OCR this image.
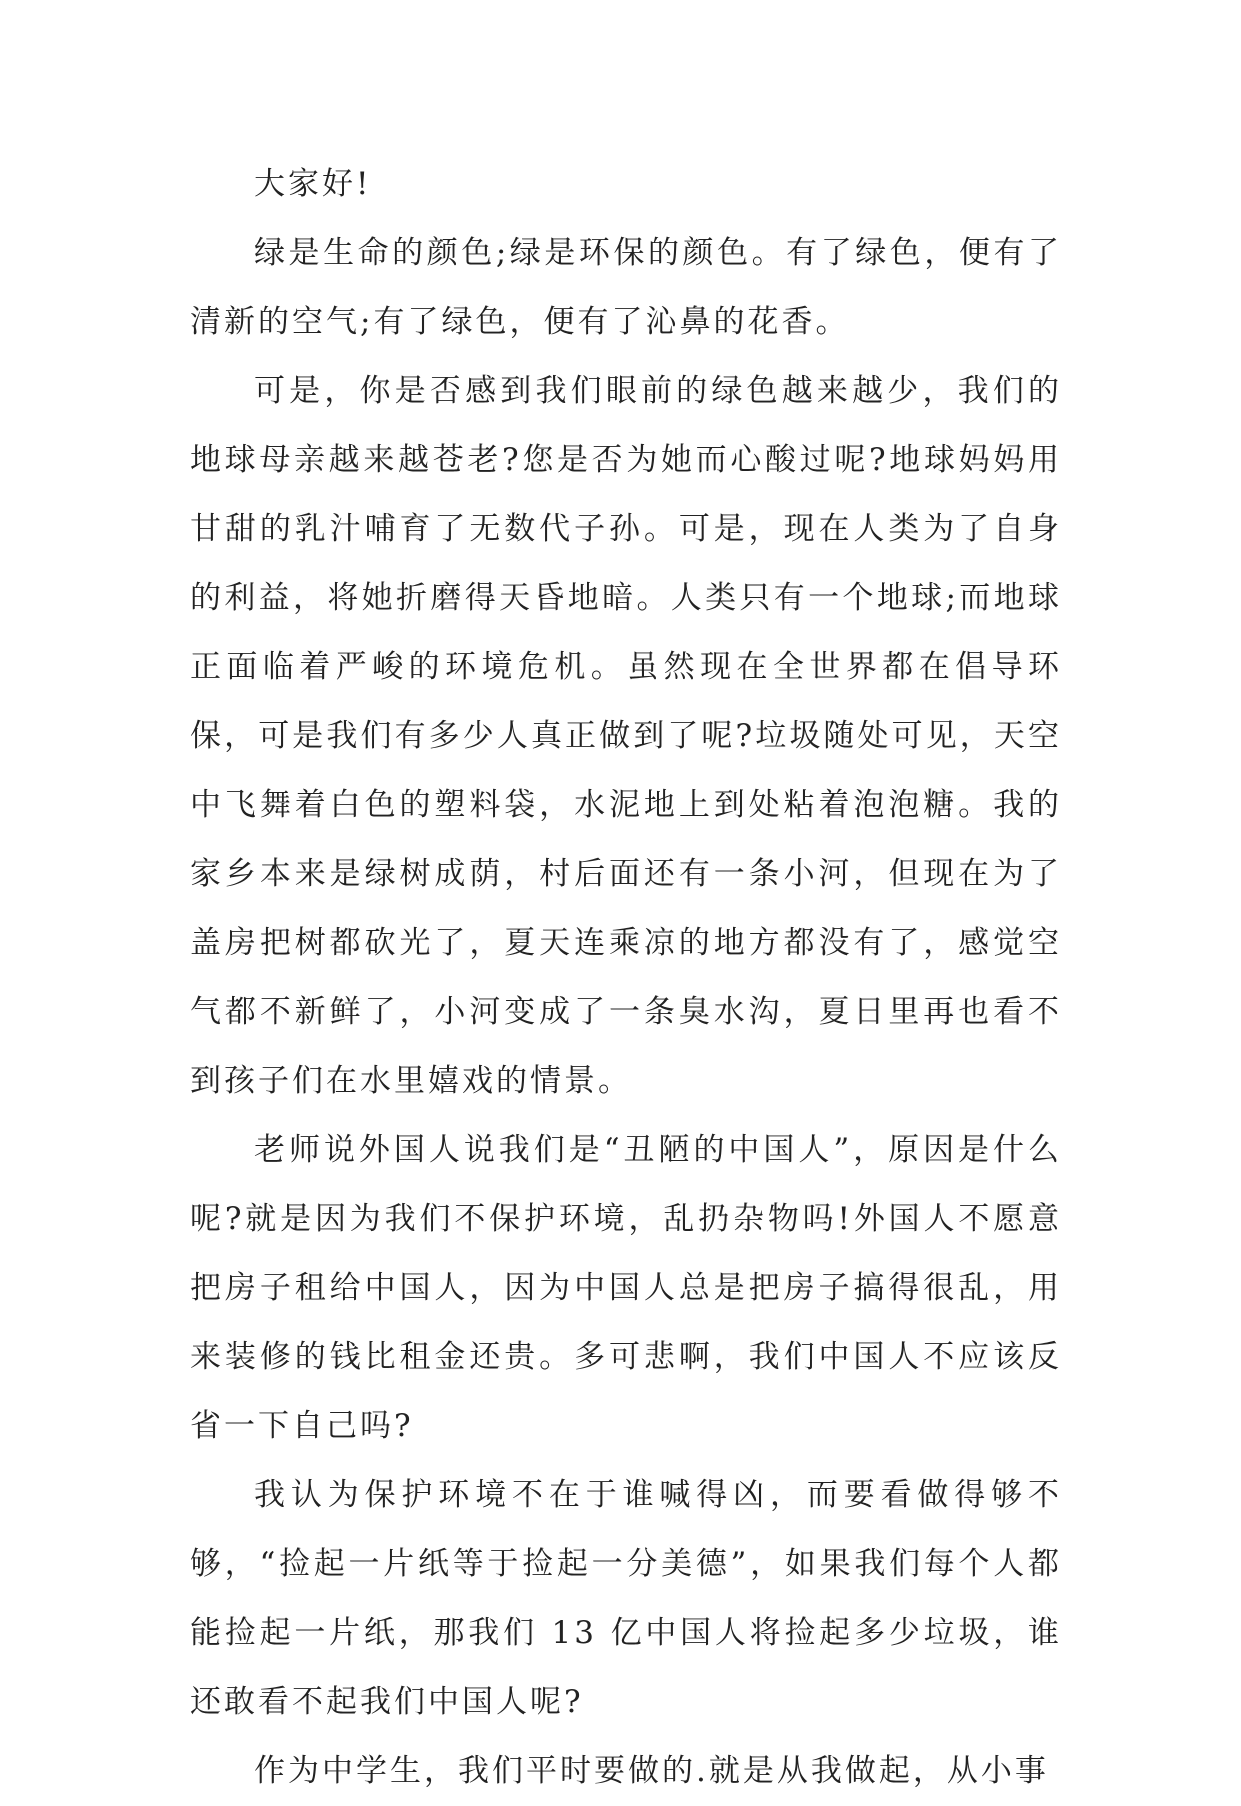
大家好!

绿是生命的颜色;绿是环保的颜色。有了绿色，便有了清新的空气;有了绿色，便有了沁鼻的花香。

可是，你是否感到我们眼前的绿色越来越少，我们的地球母亲越来越苍老?您是否为她而心酸过呢?地球妈妈用甘甜的乳汁哺育了无数代子孙。可是，现在人类为了自身的利益，将她折磨得天昏地暗。人类只有一个地球;而地球正面临着严峻的环境危机。虽然现在全世界都在倡导环保，可是我们有多少人真正做到了呢?垃圾随处可见，天空中飞舞着白色的塑料袋，水泥地上到处粘着泡泡糖。我的家乡本来是绿树成荫，村后面还有一条小河，但现在为了盖房把树都砍光了，夏天连乘凉的地方都没有了，感觉空气都不新鲜了，小河变成了一条臭水沟，夏日里再也看不到孩子们在水里嬉戏的情景。

老师说外国人说我们是“丑陋的中国人”，原因是什么呢?就是因为我们不保护环境，乱扔杂物吗!外国人不愿意把房子租给中国人，因为中国人总是把房子搞得很乱，用来装修的钱比租金还贵。多可悲啊，我们中国人不应该反省一下自己吗?

我认为保护环境不在于谁喊得凶，而要看做得够不够，“捡起一片纸等于捡起一分美德”，如果我们每个人都能捡起一片纸，那我们 13 亿中国人将捡起多少垃圾，谁还敢看不起我们中国人呢?

作为中学生，我们平时要做的.就是从我做起，从小事
